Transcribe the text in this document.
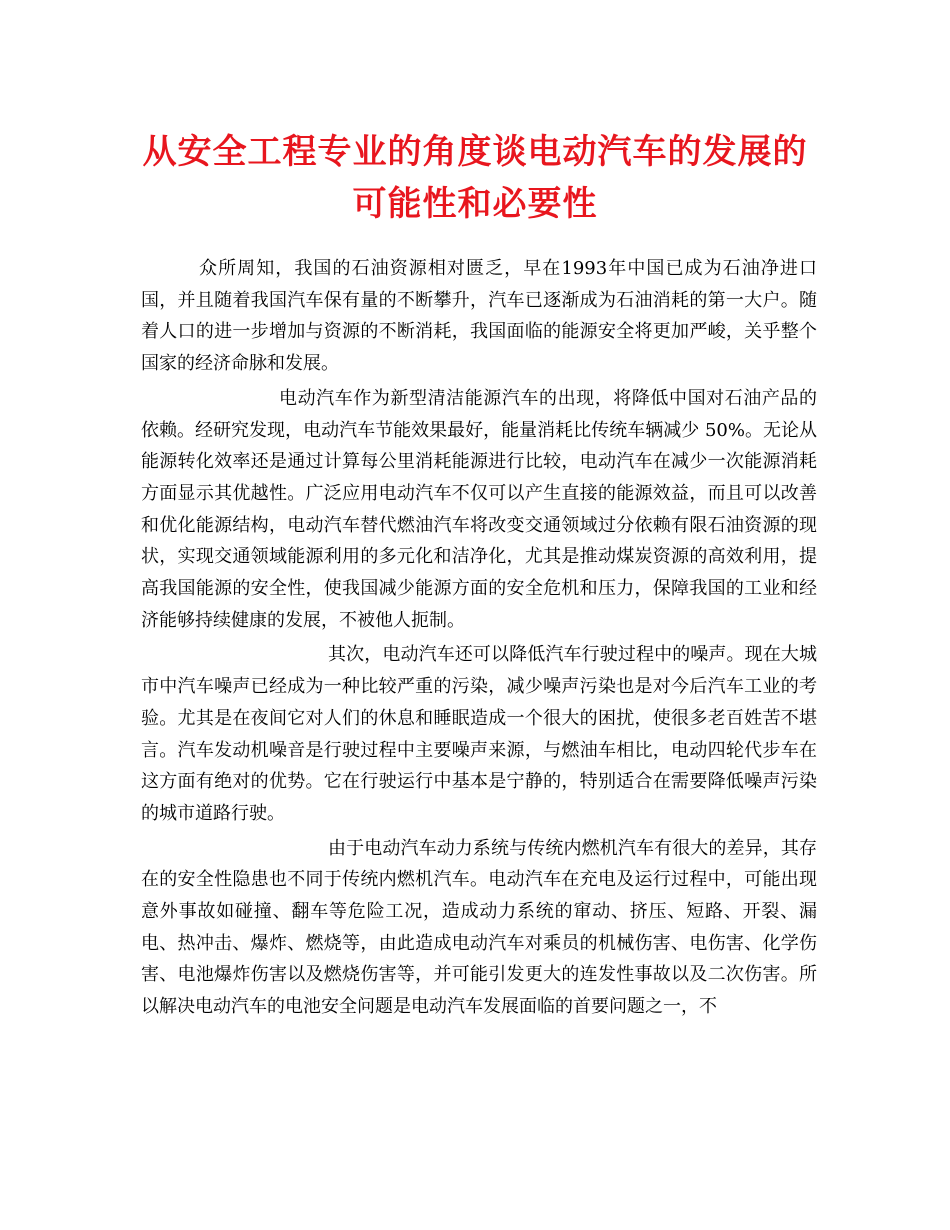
从安全工程专业的角度谈电动汽车的发展的
可能性和必要性

众所周知，我国的石油资源相对匮乏，早在1993年中国已成为石油净进口国，并且随着我国汽车保有量的不断攀升，汽车已逐渐成为石油消耗的第一大户。随着人口的进一步增加与资源的不断消耗，我国面临的能源安全将更加严峻，关乎整个国家的经济命脉和发展。

电动汽车作为新型清洁能源汽车的出现，将降低中国对石油产品的依赖。经研究发现，电动汽车节能效果最好，能量消耗比传统车辆减少 50%。无论从能源转化效率还是通过计算每公里消耗能源进行比较，电动汽车在减少一次能源消耗方面显示其优越性。广泛应用电动汽车不仅可以产生直接的能源效益，而且可以改善和优化能源结构，电动汽车替代燃油汽车将改变交通领域过分依赖有限石油资源的现状，实现交通领域能源利用的多元化和洁净化，尤其是推动煤炭资源的高效利用，提高我国能源的安全性，使我国减少能源方面的安全危机和压力，保障我国的工业和经济能够持续健康的发展，不被他人扼制。

其次，电动汽车还可以降低汽车行驶过程中的噪声。现在大城市中汽车噪声已经成为一种比较严重的污染，减少噪声污染也是对今后汽车工业的考验。尤其是在夜间它对人们的休息和睡眠造成一个很大的困扰，使很多老百姓苦不堪言。汽车发动机噪音是行驶过程中主要噪声来源，与燃油车相比，电动四轮代步车在这方面有绝对的优势。它在行驶运行中基本是宁静的，特别适合在需要降低噪声污染的城市道路行驶。

由于电动汽车动力系统与传统内燃机汽车有很大的差异，其存在的安全性隐患也不同于传统内燃机汽车。电动汽车在充电及运行过程中，可能出现意外事故如碰撞、翻车等危险工况，造成动力系统的窜动、挤压、短路、开裂、漏电、热冲击、爆炸、燃烧等，由此造成电动汽车对乘员的机械伤害、电伤害、化学伤害、电池爆炸伤害以及燃烧伤害等，并可能引发更大的连发性事故以及二次伤害。所以解决电动汽车的电池安全问题是电动汽车发展面临的首要问题之一，不
